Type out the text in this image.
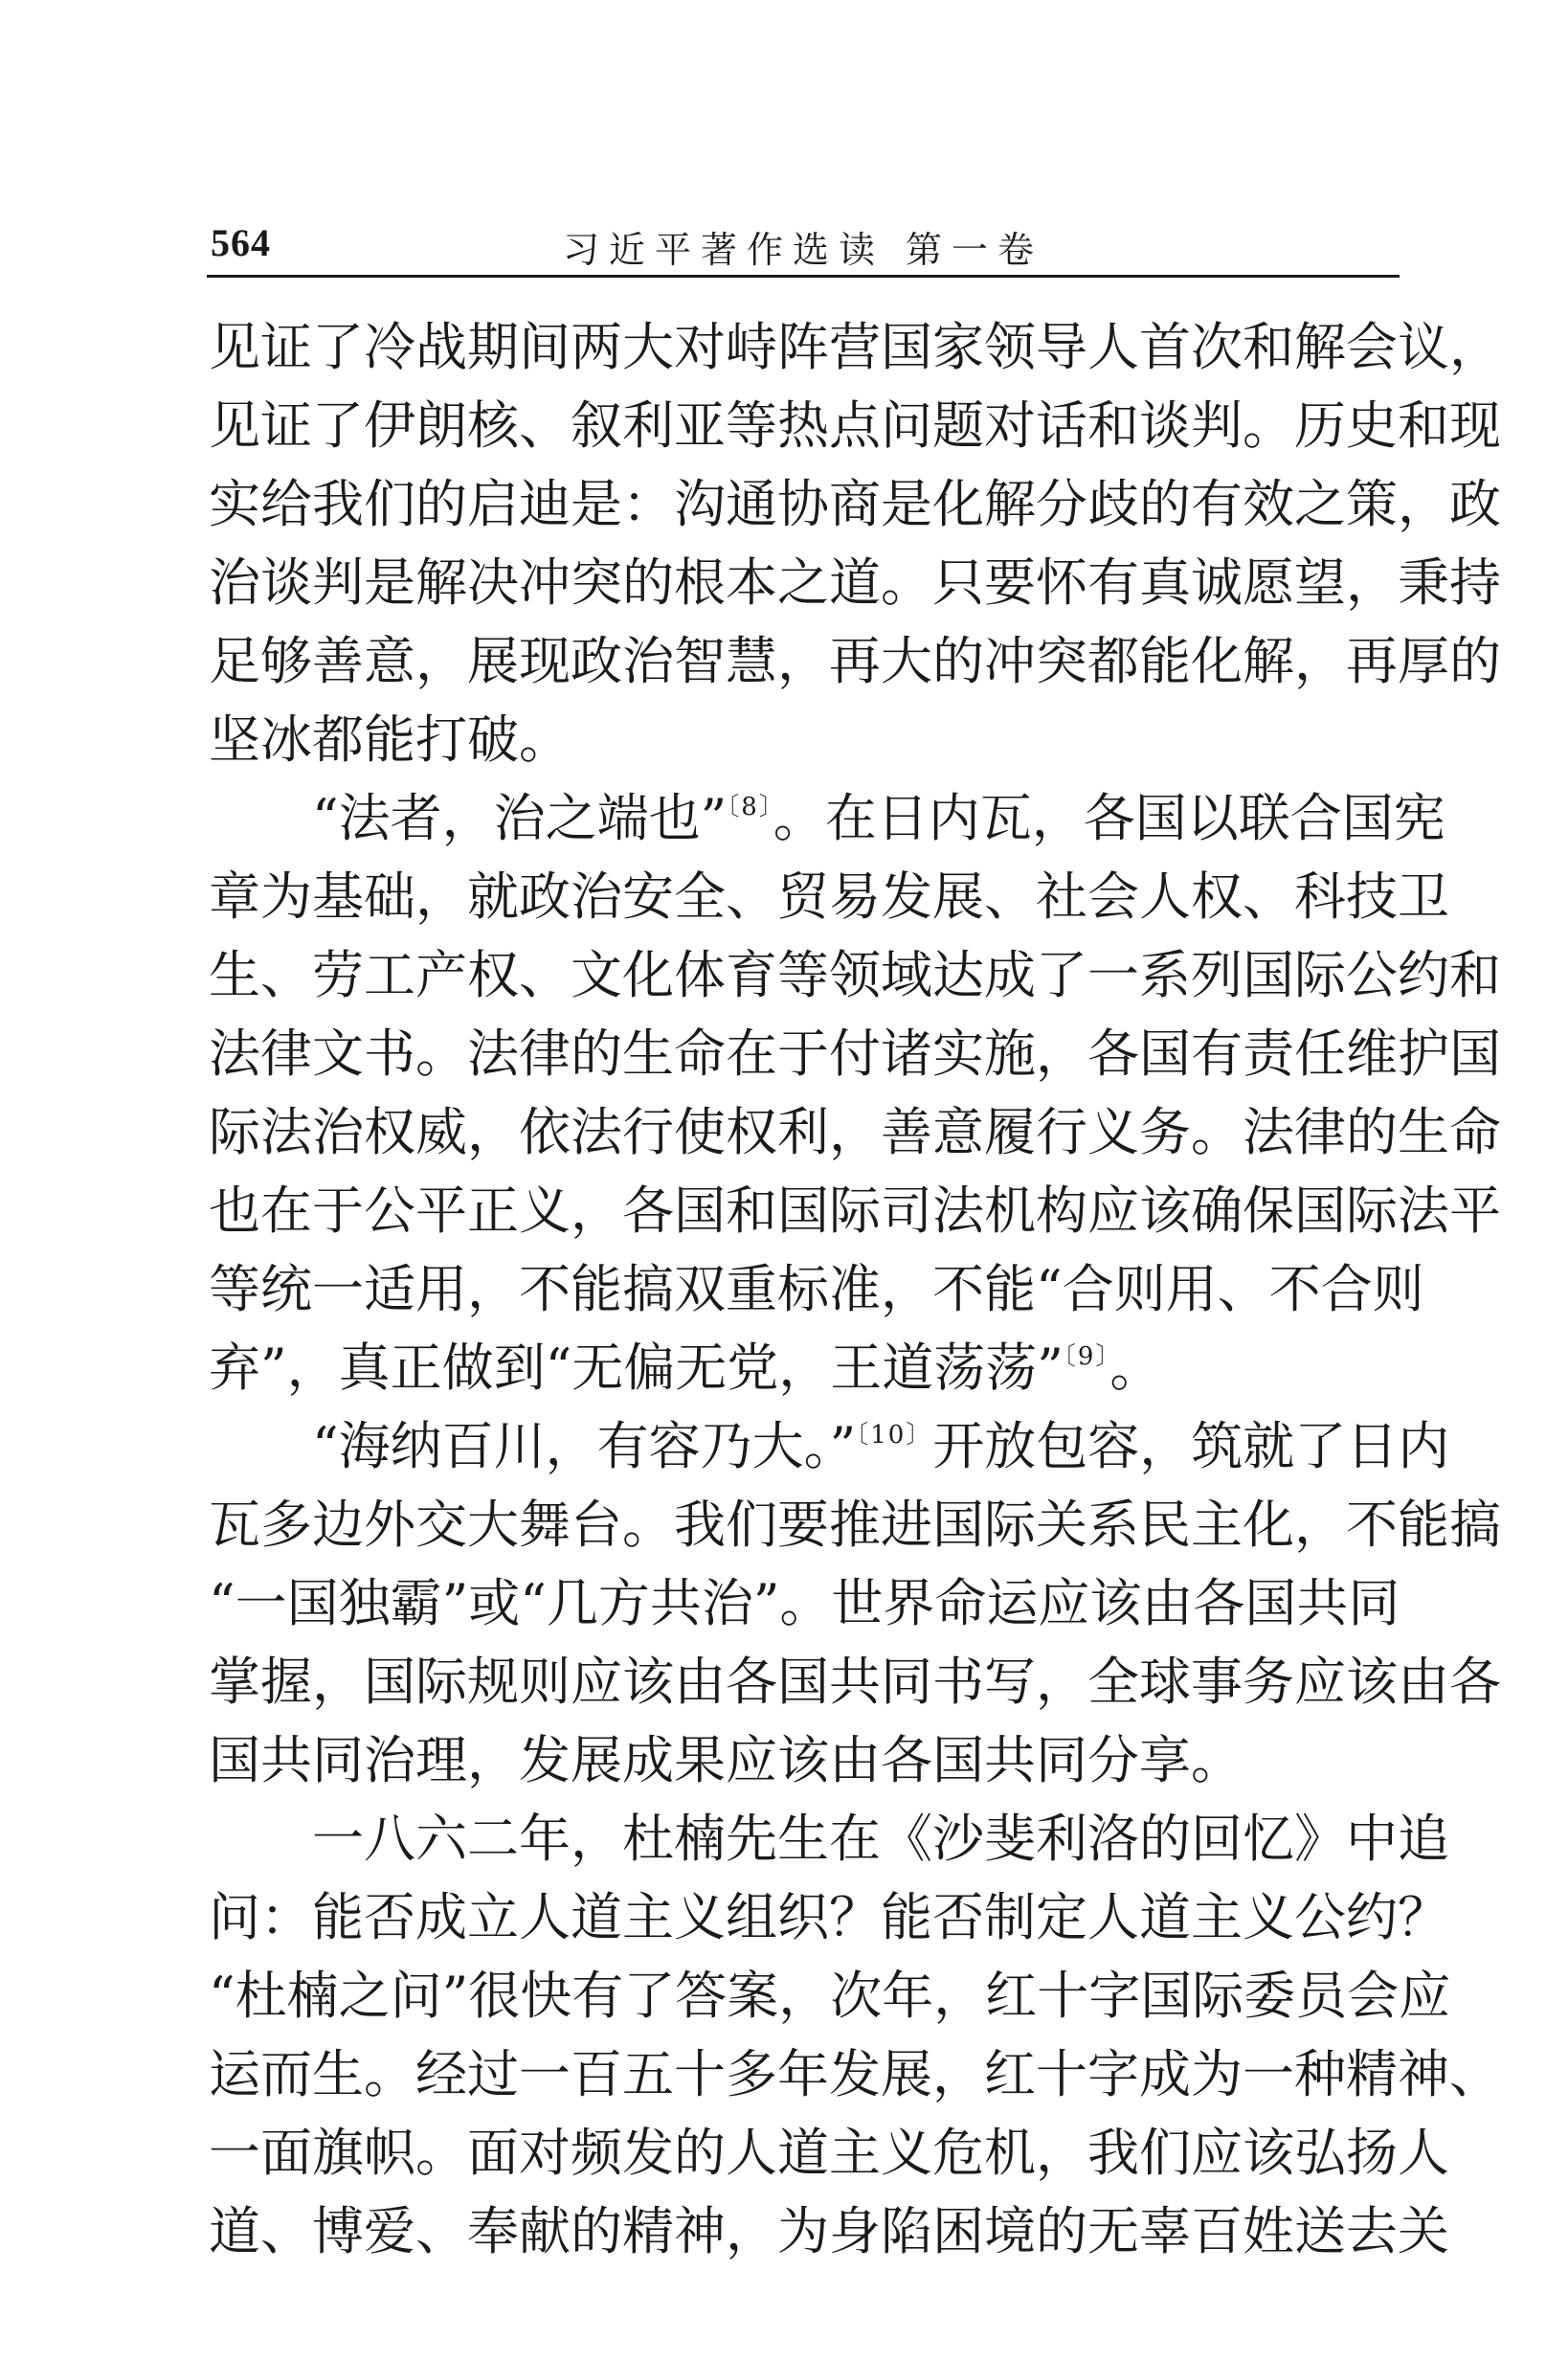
564	习近平著作选读 第一卷
见证了冷战期间两大对峙阵营国家领导人首次和解会议，
见证了伊朗核、叙利亚等热点问题对话和谈判。历史和现
实给我们的启迪是：沟通协商是化解分歧的有效之策，政
治谈判是解决冲突的根本之道。只要怀有真诚愿望，秉持
足够善意，展现政治智慧，再大的冲突都能化解，再厚的
坚冰都能打破。
“法者，治之端也”$^{〔8〕}$。在日内瓦，各国以联合国宪
章为基础，就政治安全、贸易发展、社会人权、科技卫
生、劳工产权、文化体育等领域达成了一系列国际公约和
法律文书。法律的生命在于付诸实施，各国有责任维护国
际法治权威，依法行使权利，善意履行义务。法律的生命
也在于公平正义，各国和国际司法机构应该确保国际法平
等统一适用，不能搞双重标准，不能“合则用、不合则
弃”，真正做到“无偏无党，王道荡荡”$^{〔9〕}$。
“海纳百川，有容乃大。”$^{〔10〕}$开放包容，筑就了日内
瓦多边外交大舞台。我们要推进国际关系民主化，不能搞
“一国独霸”或“几方共治”。世界命运应该由各国共同
掌握，国际规则应该由各国共同书写，全球事务应该由各
国共同治理，发展成果应该由各国共同分享。
一八六二年，杜楠先生在《沙斐利洛的回忆》中追
问：能否成立人道主义组织？能否制定人道主义公约？
“杜楠之问”很快有了答案，次年，红十字国际委员会应
运而生。经过一百五十多年发展，红十字成为一种精神、
一面旗帜。面对频发的人道主义危机，我们应该弘扬人
道、博爱、奉献的精神，为身陷困境的无辜百姓送去关
